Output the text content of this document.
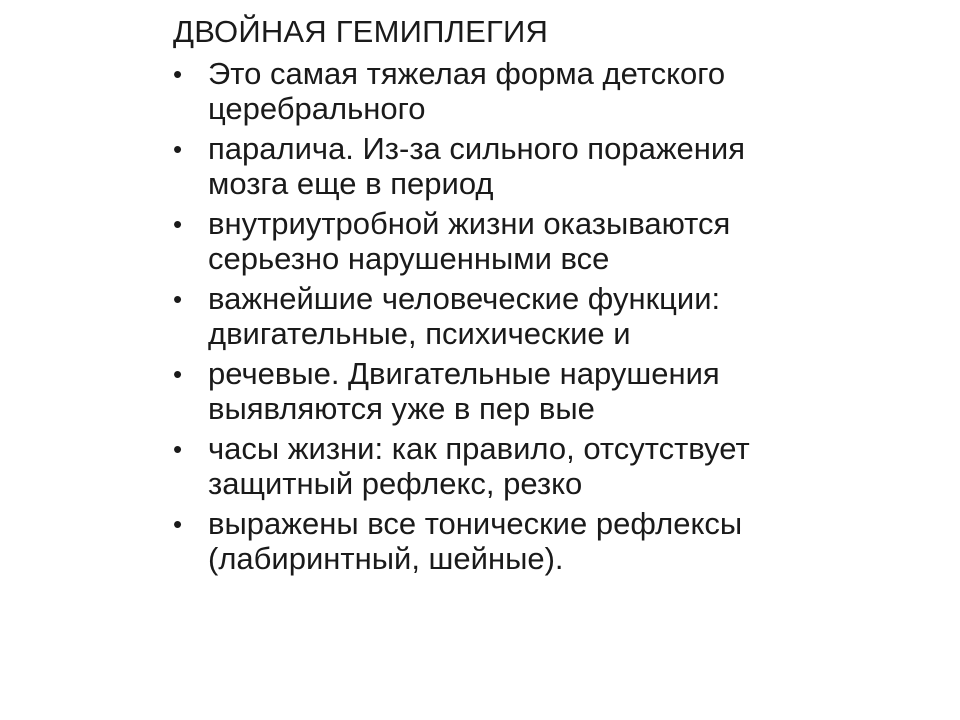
ДВОЙНАЯ ГЕМИПЛЕГИЯ
• Это самая тяжелая форма детского
церебрального
• паралича. Из-за сильного поражения
мозга еще в период
• внутриутробной жизни оказываются
серьезно нарушенными все
• важнейшие человеческие функции:
двигательные, психические и
• речевые. Двигательные нарушения
выявляются уже в пер вые
• часы жизни: как правило, отсутствует
защитный рефлекс, резко
• выражены все тонические рефлексы
(лабиринтный, шейные).
